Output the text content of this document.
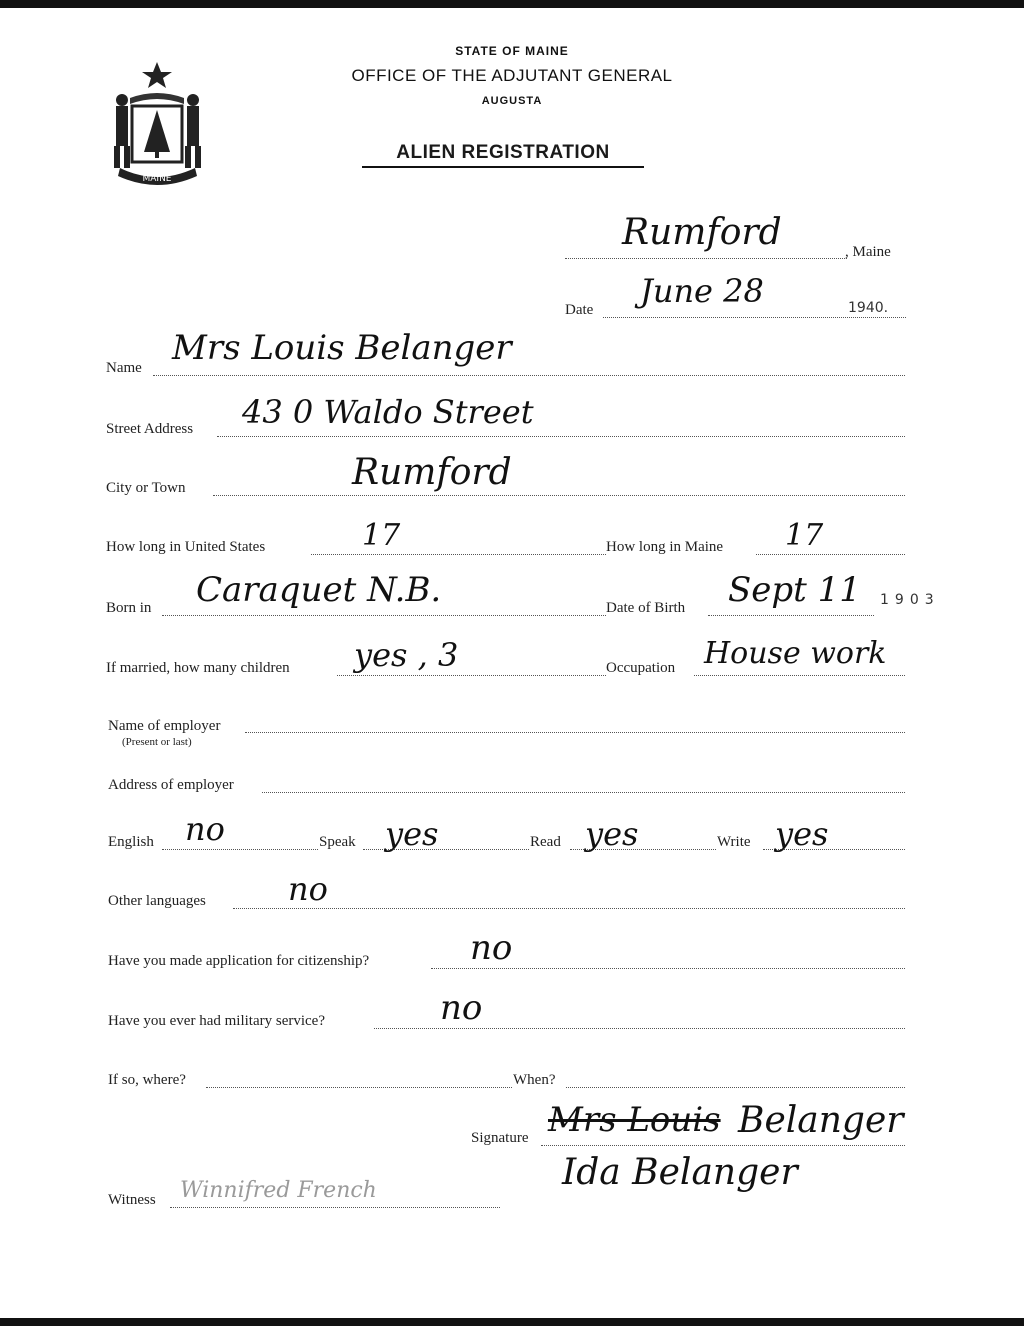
MAINE
STATE OF MAINE
OFFICE OF THE ADJUTANT GENERAL
AUGUSTA
ALIEN REGISTRATION
Rumford	, Maine
Date June 28	1940.
Name Mrs Louis Belanger
Street Address 43 0 Waldo Street
City or Town	Rumford
How long in United States	17	How long in Maine 17
Born in Caraquet N.B.	Date of Birth Sept 11 1903
If married, how many children yes , 3	Occupation House work
Name of employer
(Present or last)
Address of employer
English no	Speak yes	Read yes	Write yes
Other languages	no
Have you made application for citizenship?	no
Have you ever had military service?	no
If so, where?	When?
Signature Mrs Louis Belanger
Ida Belanger
Witness Winnifred French
